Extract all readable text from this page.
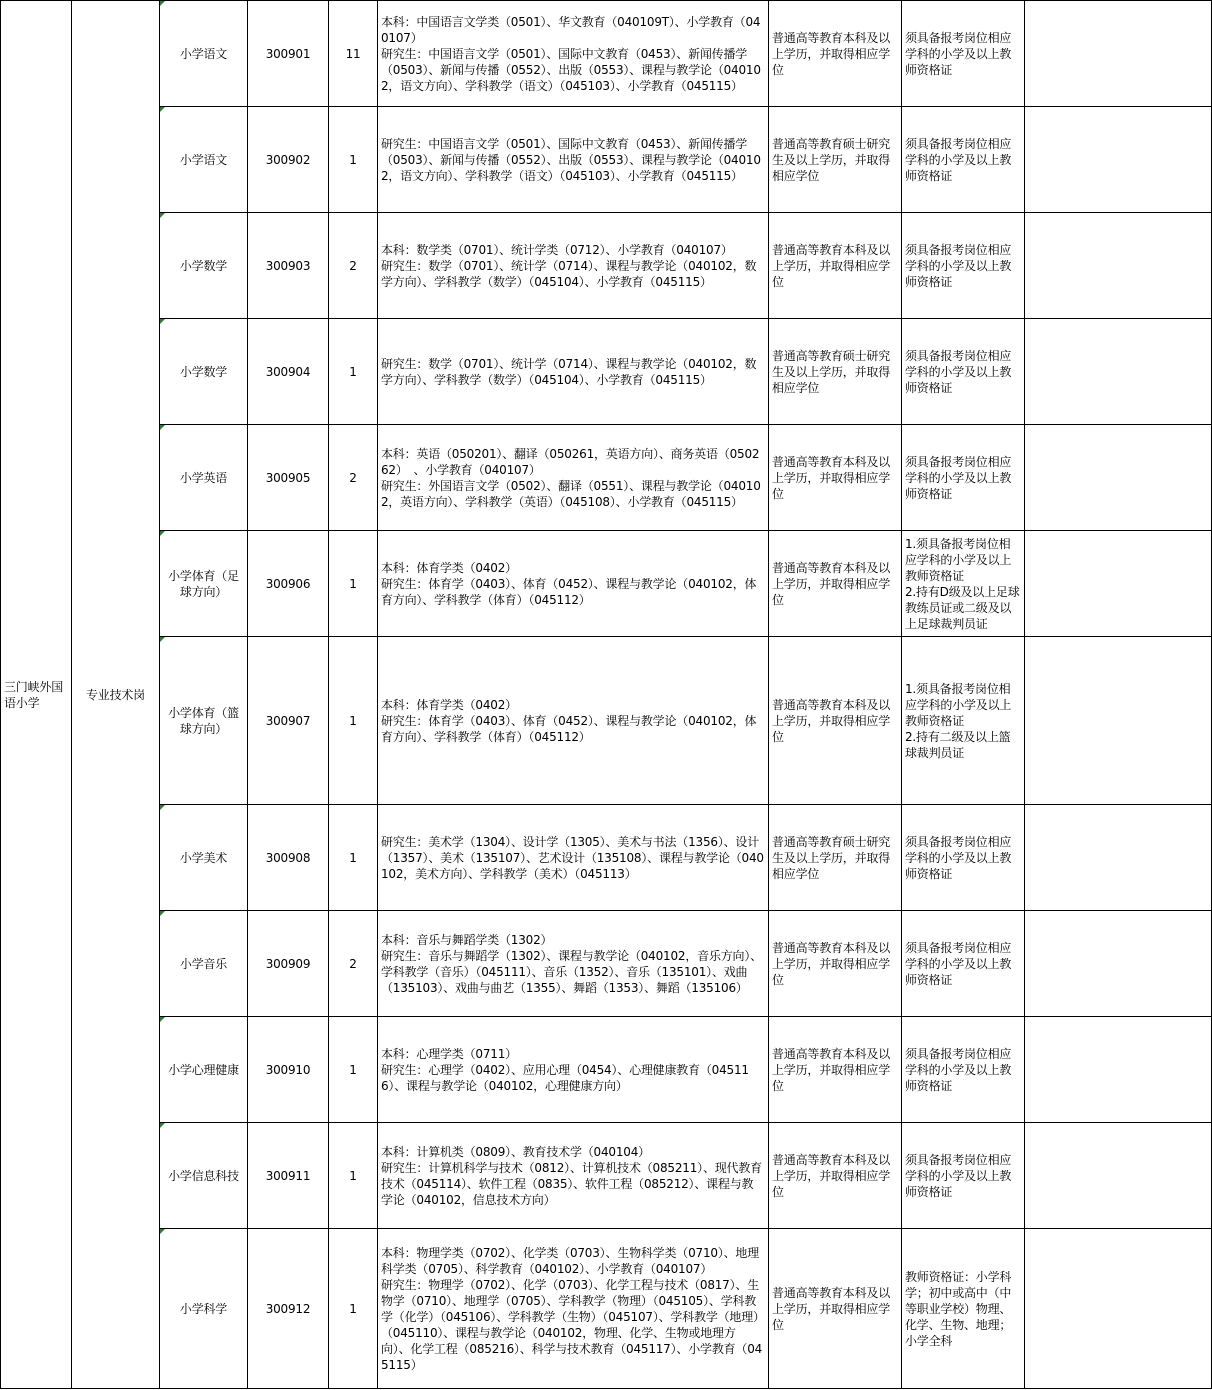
三门峡外国语小学	专业技术岗	小学语文	300901	11	本科：中国语言文学类（0501）、华文教育（040109T）、小学教育（040107）
研究生：中国语言文学（0501）、国际中文教育（0453）、新闻传播学（0503）、新闻与传播（0552）、出版（0553）、课程与教学论（040102，语文方向）、学科教学（语文）（045103）、小学教育（045115）	普通高等教育本科及以上学历，并取得相应学位	须具备报考岗位相应学科的小学及以上教师资格证	

小学语文	300902	1	研究生：中国语言文学（0501）、国际中文教育（0453）、新闻传播学（0503）、新闻与传播（0552）、出版（0553）、课程与教学论（040102，语文方向）、学科教学（语文）（045103）、小学教育（045115）	普通高等教育硕士研究生及以上学历，并取得相应学位	须具备报考岗位相应学科的小学及以上教师资格证	

小学数学	300903	2	本科：数学类（0701）、统计学类（0712）、小学教育（040107）
研究生：数学（0701）、统计学（0714）、课程与教学论（040102，数学方向）、学科教学（数学）（045104）、小学教育（045115）	普通高等教育本科及以上学历，并取得相应学位	须具备报考岗位相应学科的小学及以上教师资格证	

小学数学	300904	1	研究生：数学（0701）、统计学（0714）、课程与教学论（040102，数学方向）、学科教学（数学）（045104）、小学教育（045115）	普通高等教育硕士研究生及以上学历，并取得相应学位	须具备报考岗位相应学科的小学及以上教师资格证	

小学英语	300905	2	本科：英语（050201）、翻译（050261，英语方向）、商务英语（050262）　、小学教育（040107）
研究生：外国语言文学（0502）、翻译（0551）、课程与教学论（040102，英语方向）、学科教学（英语）（045108）、小学教育（045115）	普通高等教育本科及以上学历，并取得相应学位	须具备报考岗位相应学科的小学及以上教师资格证	

小学体育（足球方向）	300906	1	本科：体育学类（0402）
研究生：体育学（0403）、体育（0452）、课程与教学论（040102，体育方向）、学科教学（体育）（045112）	普通高等教育本科及以上学历，并取得相应学位	1.须具备报考岗位相应学科的小学及以上教师资格证
2.持有D级及以上足球教练员证或二级及以上足球裁判员证	

小学体育（篮球方向）	300907	1	本科：体育学类（0402）
研究生：体育学（0403）、体育（0452）、课程与教学论（040102，体育方向）、学科教学（体育）（045112）	普通高等教育本科及以上学历，并取得相应学位	1.须具备报考岗位相应学科的小学及以上教师资格证
2.持有二级及以上篮球裁判员证	

小学美术	300908	1	研究生：美术学（1304）、设计学（1305）、美术与书法（1356）、设计（1357）、美术（135107）、艺术设计（135108）、课程与教学论（040102，美术方向）、学科教学（美术）（045113）	普通高等教育硕士研究生及以上学历，并取得相应学位	须具备报考岗位相应学科的小学及以上教师资格证	

小学音乐	300909	2	本科：音乐与舞蹈学类（1302）
研究生：音乐与舞蹈学（1302）、课程与教学论（040102，音乐方向）、学科教学（音乐）（045111）、音乐（1352）、音乐（135101）、戏曲（135103）、戏曲与曲艺（1355）、舞蹈（1353）、舞蹈（135106）	普通高等教育本科及以上学历，并取得相应学位	须具备报考岗位相应学科的小学及以上教师资格证	

小学心理健康	300910	1	本科：心理学类（0711）
研究生：心理学（0402）、应用心理（0454）、心理健康教育（045116）、课程与教学论（040102，心理健康方向）	普通高等教育本科及以上学历，并取得相应学位	须具备报考岗位相应学科的小学及以上教师资格证	

小学信息科技	300911	1	本科：计算机类（0809）、教育技术学（040104）
研究生：计算机科学与技术（0812）、计算机技术（085211）、现代教育技术（045114）、软件工程（0835）、软件工程（085212）、课程与教学论（040102，信息技术方向）	普通高等教育本科及以上学历，并取得相应学位	须具备报考岗位相应学科的小学及以上教师资格证	

小学科学	300912	1	本科：物理学类（0702）、化学类（0703）、生物科学类（0710）、地理科学类（0705）、科学教育（040102）、小学教育（040107）
研究生：物理学（0702）、化学（0703）、化学工程与技术（0817）、生物学（0710）、地理学（0705）、学科教学（物理）（045105）、学科教学（化学）（045106）、学科教学（生物）（045107）、学科教学（地理）（045110）、课程与教学论（040102，物理、化学、生物或地理方向）、化学工程（085216）、科学与技术教育（045117）、小学教育（045115）	普通高等教育本科及以上学历，并取得相应学位	教师资格证：小学科学；初中或高中（中等职业学校）物理、化学、生物、地理；小学全科	
